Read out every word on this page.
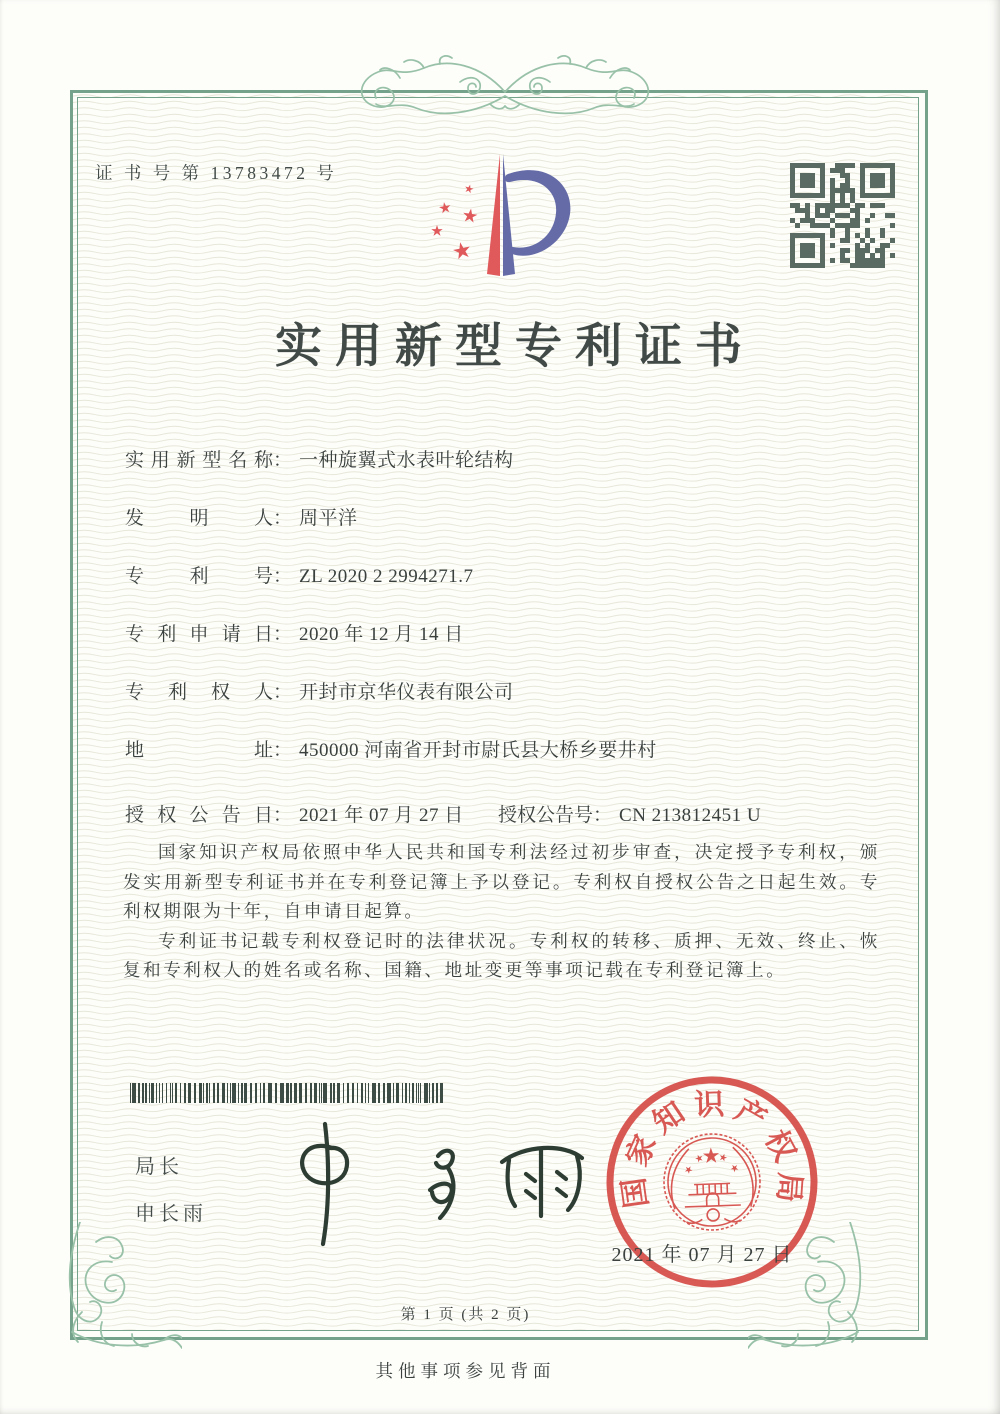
证 书 号 第 13783472 号
实用新型专利证书
实用新型名称： 一种旋翼式水表叶轮结构
发明人： 周平洋
专利号： ZL 2020 2 2994271.7
专利申请日： 2020 年 12 月 14 日
专利权人： 开封市京华仪表有限公司
地址： 450000 河南省开封市尉氏县大桥乡要井村
授权公告日： 2021 年 07 月 27 日 授权公告号： CN 213812451 U

国家知识产权局依照中华人民共和国专利法经过初步审查，决定授予专利权，颁发实用新型专利证书并在专利登记簿上予以登记。专利权自授权公告之日起生效。专利权期限为十年，自申请日起算。

专利证书记载专利权登记时的法律状况。专利权的转移、质押、无效、终止、恢复和专利权人的姓名或名称、国籍、地址变更等事项记载在专利登记簿上。

局长
申长雨
国
家
知 识 产
权
局
2021 年 07 月 27 日
第 1 页 (共 2 页)
其他事项参见背面
